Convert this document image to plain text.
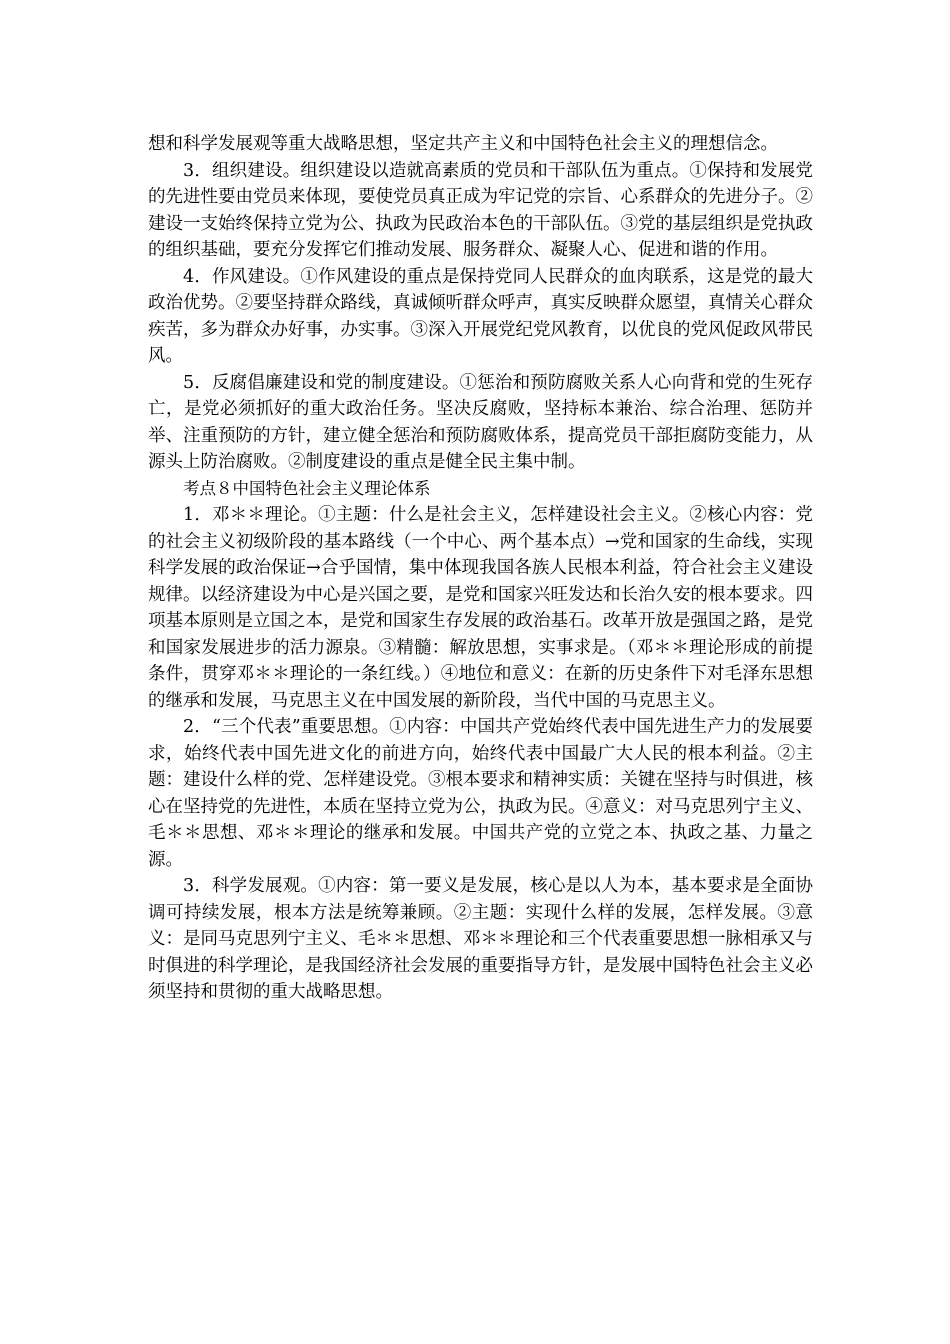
想和科学发展观等重大战略思想，坚定共产主义和中国特色社会主义的理想信念。

3．组织建设。组织建设以造就高素质的党员和干部队伍为重点。①保持和发展党的先进性要由党员来体现，要使党员真正成为牢记党的宗旨、心系群众的先进分子。②建设一支始终保持立党为公、执政为民政治本色的干部队伍。③党的基层组织是党执政的组织基础，要充分发挥它们推动发展、服务群众、凝聚人心、促进和谐的作用。

4．作风建设。①作风建设的重点是保持党同人民群众的血肉联系，这是党的最大政治优势。②要坚持群众路线，真诚倾听群众呼声，真实反映群众愿望，真情关心群众疾苦，多为群众办好事，办实事。③深入开展党纪党风教育，以优良的党风促政风带民风。

5．反腐倡廉建设和党的制度建设。①惩治和预防腐败关系人心向背和党的生死存亡，是党必须抓好的重大政治任务。坚决反腐败，坚持标本兼治、综合治理、惩防并举、注重预防的方针，建立健全惩治和预防腐败体系，提高党员干部拒腐防变能力，从源头上防治腐败。②制度建设的重点是健全民主集中制。

考点８中国特色社会主义理论体系

1．邓＊＊理论。①主题：什么是社会主义，怎样建设社会主义。②核心内容：党的社会主义初级阶段的基本路线（一个中心、两个基本点）→党和国家的生命线，实现科学发展的政治保证→合乎国情，集中体现我国各族人民根本利益，符合社会主义建设规律。以经济建设为中心是兴国之要，是党和国家兴旺发达和长治久安的根本要求。四项基本原则是立国之本，是党和国家生存发展的政治基石。改革开放是强国之路，是党和国家发展进步的活力源泉。③精髓：解放思想，实事求是。（邓＊＊理论形成的前提条件，贯穿邓＊＊理论的一条红线。）④地位和意义：在新的历史条件下对毛泽东思想的继承和发展，马克思主义在中国发展的新阶段，当代中国的马克思主义。

2．“三个代表”重要思想。①内容：中国共产党始终代表中国先进生产力的发展要求，始终代表中国先进文化的前进方向，始终代表中国最广大人民的根本利益。②主题：建设什么样的党、怎样建设党。③根本要求和精神实质：关键在坚持与时俱进，核心在坚持党的先进性，本质在坚持立党为公，执政为民。④意义：对马克思列宁主义、毛＊＊思想、邓＊＊理论的继承和发展。中国共产党的立党之本、执政之基、力量之源。

3．科学发展观。①内容：第一要义是发展，核心是以人为本，基本要求是全面协调可持续发展，根本方法是统筹兼顾。②主题：实现什么样的发展，怎样发展。③意义：是同马克思列宁主义、毛＊＊思想、邓＊＊理论和三个代表重要思想一脉相承又与时俱进的科学理论，是我国经济社会发展的重要指导方针，是发展中国特色社会主义必须坚持和贯彻的重大战略思想。
